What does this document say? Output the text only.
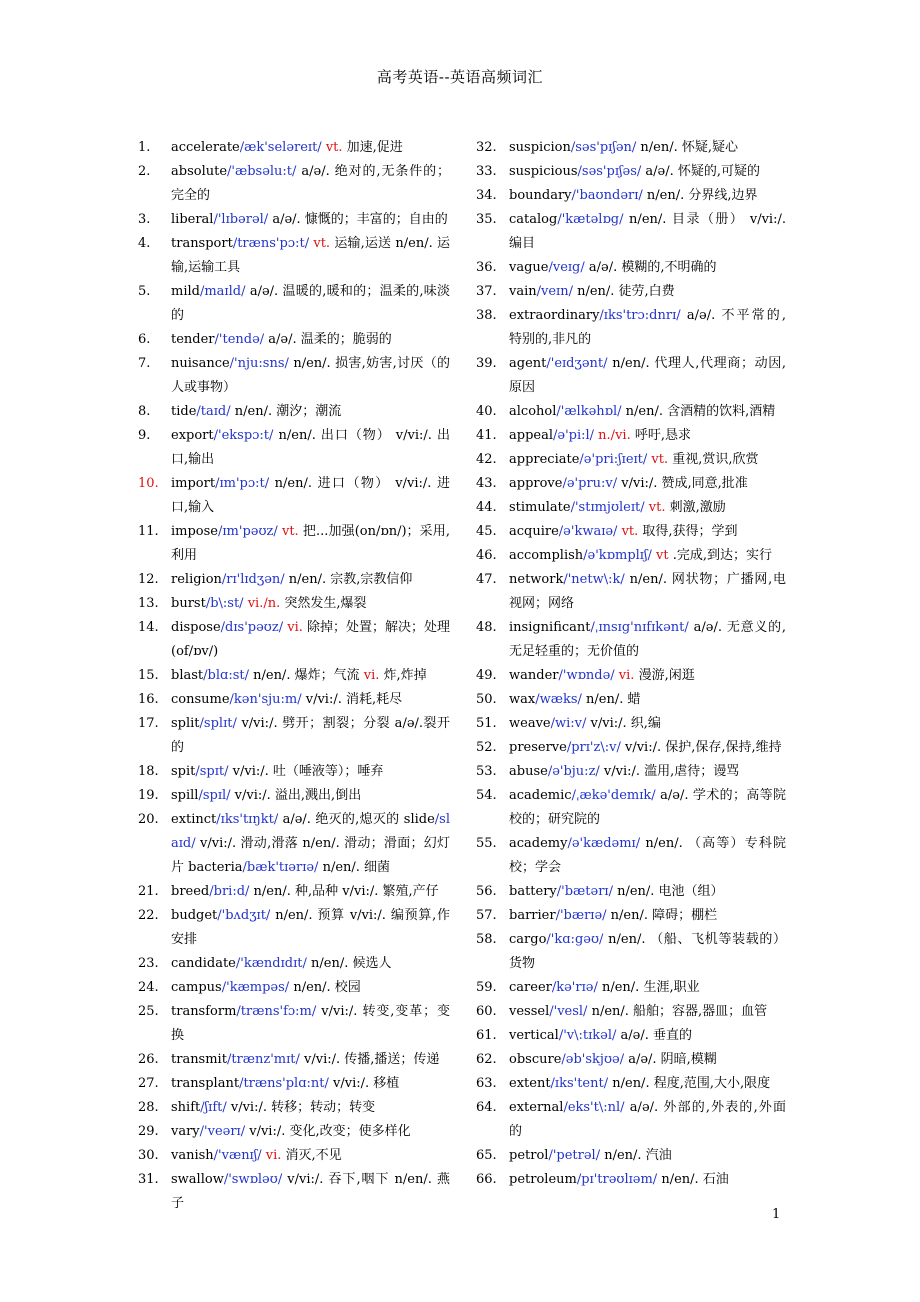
高考英语--英语高频词汇
1.	accelerate/æk'seləreɪt/ vt. 加速,促进
2.	absolute/'æbsəlu:t/ a/ə/. 绝对的,无条件的；完全的
3.	liberal/'lɪbərəl/ a/ə/. 慷慨的；丰富的；自由的
4.	transport/træns'pɔ:t/ vt. 运输,运送 n/en/. 运输,运输工具
5.	mild/maɪld/ a/ə/. 温暖的,暖和的；温柔的,味淡的
6.	tender/'tendə/ a/ə/. 温柔的；脆弱的
7.	nuisance/'nju:sns/ n/en/. 损害,妨害,讨厌（的人或事物）
8.	tide/taɪd/ n/en/. 潮汐；潮流
9.	export/'ekspɔ:t/ n/en/. 出口（物） v/vi:/. 出口,输出
10. import/ɪm'pɔ:t/ n/en/. 进口（物） v/vi:/. 进口,输入
11. impose/ɪm'pəʊz/ vt. 把...加强(on/ɒn/)；采用,利用
12. religion/rɪ'lɪdʒən/ n/en/. 宗教,宗教信仰
13. burst/b\:st/ vi./n. 突然发生,爆裂
14. dispose/dɪs'pəʊz/ vi. 除掉；处置；解决；处理(of/ɒv/)
15. blast/blɑ:st/ n/en/. 爆炸；气流 vi. 炸,炸掉
16. consume/kən'sju:m/ v/vi:/. 消耗,耗尽
17. split/splɪt/ v/vi:/. 劈开；割裂；分裂 a/ə/.裂开的
18. spit/spɪt/ v/vi:/. 吐（唾液等）；唾弃
19. spill/spɪl/ v/vi:/. 溢出,溅出,倒出
20. extinct/ɪks'tɪŋkt/ a/ə/. 绝灭的,熄灭的 slide/slaɪd/ v/vi:/. 滑动,滑落 n/en/. 滑动；滑面；幻灯片 bacteria/bæk'tɪərɪə/ n/en/. 细菌
21. breed/bri:d/ n/en/. 种,品种 v/vi:/. 繁殖,产仔
22. budget/'bʌdʒɪt/ n/en/. 预算 v/vi:/. 编预算,作安排
23. candidate/'kændɪdɪt/ n/en/. 候选人
24. campus/'kæmpəs/ n/en/. 校园
25. transform/træns'fɔ:m/ v/vi:/. 转变,变革；变换
26. transmit/trænz'mɪt/ v/vi:/. 传播,播送；传递
27. transplant/træns'plɑ:nt/ v/vi:/. 移植
28. shift/ʃɪft/ v/vi:/. 转移；转动；转变
29. vary/'veərɪ/ v/vi:/. 变化,改变；使多样化
30. vanish/'vænɪʃ/ vi. 消灭,不见
31. swallow/'swɒləʊ/ v/vi:/. 吞下,咽下 n/en/. 燕子
32. suspicion/səs'pɪʃən/ n/en/. 怀疑,疑心
33. suspicious/səs'pɪʃəs/ a/ə/. 怀疑的,可疑的
34. boundary/'baʊndərɪ/ n/en/. 分界线,边界
35. catalog/'kætəlɒg/ n/en/. 目录（册） v/vi:/. 编目
36. vague/veɪg/ a/ə/. 模糊的,不明确的
37. vain/veɪn/ n/en/. 徒劳,白费
38. extraordinary/ɪks'trɔ:dnrɪ/ a/ə/. 不平常的,特别的,非凡的
39. agent/'eɪdʒənt/ n/en/. 代理人,代理商；动因,原因
40. alcohol/'ælkəhɒl/ n/en/. 含酒精的饮料,酒精
41. appeal/ə'pi:l/ n./vi. 呼吁,恳求
42. appreciate/ə'pri:ʃɪeɪt/ vt. 重视,赏识,欣赏
43. approve/ə'pru:v/ v/vi:/. 赞成,同意,批准
44. stimulate/'stɪmjʊleɪt/ vt. 刺激,激励
45. acquire/ə'kwaɪə/ vt. 取得,获得；学到
46. accomplish/ə'kɒmplɪʃ/ vt .完成,到达；实行
47. network/'netw\:k/ n/en/. 网状物；广播网,电视网；网络
48. insignificant/ˌɪnsɪg'nɪfɪkənt/ a/ə/. 无意义的,无足轻重的；无价值的
49. wander/'wɒndə/ vi. 漫游,闲逛
50. wax/wæks/ n/en/. 蜡
51. weave/wi:v/ v/vi:/. 织,编
52. preserve/prɪ'z\:v/ v/vi:/. 保护,保存,保持,维持
53. abuse/ə'bju:z/ v/vi:/. 滥用,虐待；谩骂
54. academic/ˌækə'demɪk/ a/ə/. 学术的；高等院校的；研究院的
55. academy/ə'kædəmɪ/ n/en/. （高等）专科院校；学会
56. battery/'bætərɪ/ n/en/. 电池（组）
57. barrier/'bærɪə/ n/en/. 障碍；棚栏
58. cargo/'kɑ:gəʊ/ n/en/. （船、飞机等装载的）货物
59. career/kə'rɪə/ n/en/. 生涯,职业
60. vessel/'vesl/ n/en/. 船舶；容器,器皿；血管
61. vertical/'v\:tɪkəl/ a/ə/. 垂直的
62. obscure/əb'skjʊə/ a/ə/. 阴暗,模糊
63. extent/ɪks'tent/ n/en/. 程度,范围,大小,限度
64. external/eks't\:nl/ a/ə/. 外部的,外表的,外面的
65. petrol/'petrəl/ n/en/. 汽油
66. petroleum/pɪ'trəʊlɪəm/ n/en/. 石油
1
